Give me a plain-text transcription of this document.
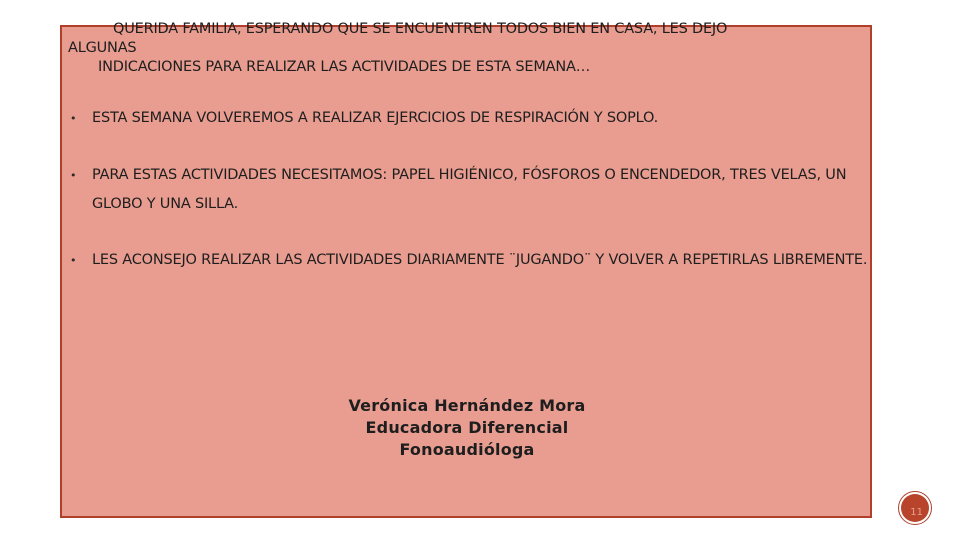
QUERIDA FAMILIA, ESPERANDO QUE SE ENCUENTREN TODOS BIEN EN CASA, LES DEJO
ALGUNAS
INDICACIONES PARA REALIZAR LAS ACTIVIDADES DE ESTA SEMANA…
•	ESTA SEMANA VOLVEREMOS A REALIZAR EJERCICIOS DE RESPIRACIÓN Y SOPLO.
•	PARA ESTAS ACTIVIDADES NECESITAMOS: PAPEL HIGIÉNICO, FÓSFOROS O ENCENDEDOR, TRES VELAS, UN GLOBO Y UNA SILLA.
•	LES ACONSEJO REALIZAR LAS ACTIVIDADES DIARIAMENTE ¨JUGANDO¨ Y VOLVER A REPETIRLAS LIBREMENTE.
Verónica Hernández Mora
Educadora Diferencial
Fonoaudióloga
11
